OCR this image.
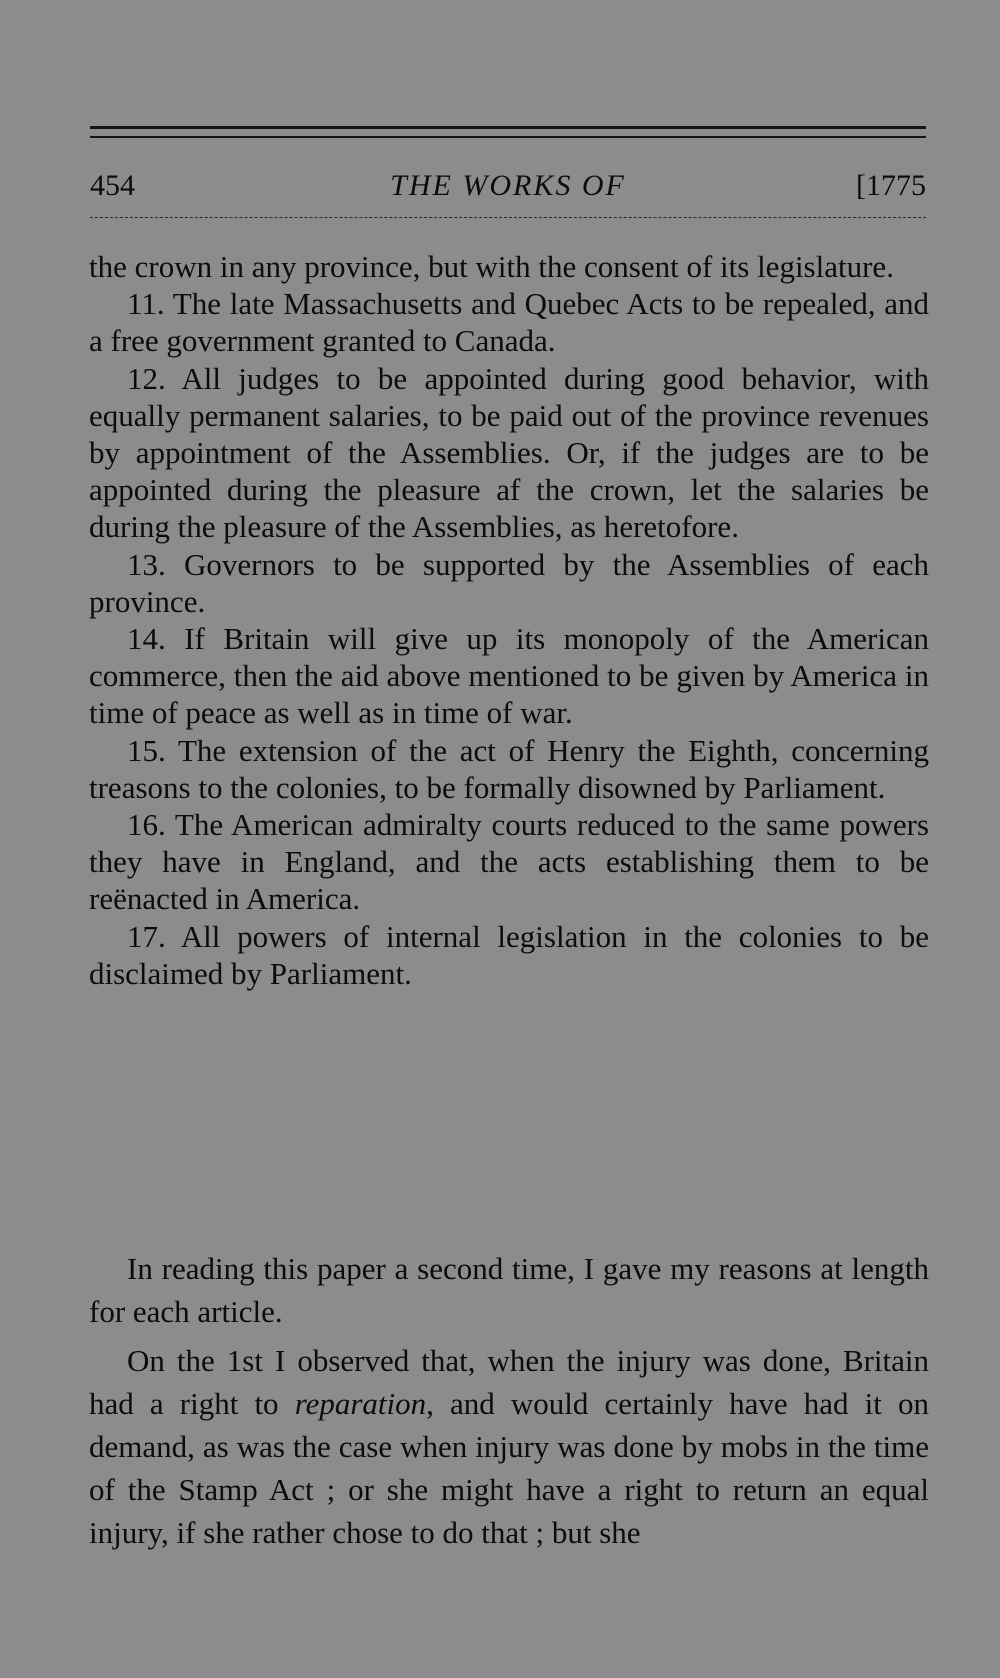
454	THE WORKS OF	[1775

the crown in any province, but with the consent of its legislature.

11. The late Massachusetts and Quebec Acts to be repealed, and a free government granted to Canada.

12. All judges to be appointed during good behavior, with equally permanent salaries, to be paid out of the province revenues by appointment of the Assemblies. Or, if the judges are to be appointed during the pleasure af the crown, let the salaries be during the pleasure of the Assemblies, as heretofore.

13. Governors to be supported by the Assemblies of each province.

14. If Britain will give up its monopoly of the American commerce, then the aid above mentioned to be given by America in time of peace as well as in time of war.

15. The extension of the act of Henry the Eighth, concerning treasons to the colonies, to be formally disowned by Parliament.

16. The American admiralty courts reduced to the same powers they have in England, and the acts establishing them to be reënacted in America.

17. All powers of internal legislation in the colonies to be disclaimed by Parliament.

In reading this paper a second time, I gave my reasons at length for each article.

On the 1st I observed that, when the injury was done, Britain had a right to reparation, and would certainly have had it on demand, as was the case when injury was done by mobs in the time of the Stamp Act ; or she might have a right to return an equal injury, if she rather chose to do that ; but she
